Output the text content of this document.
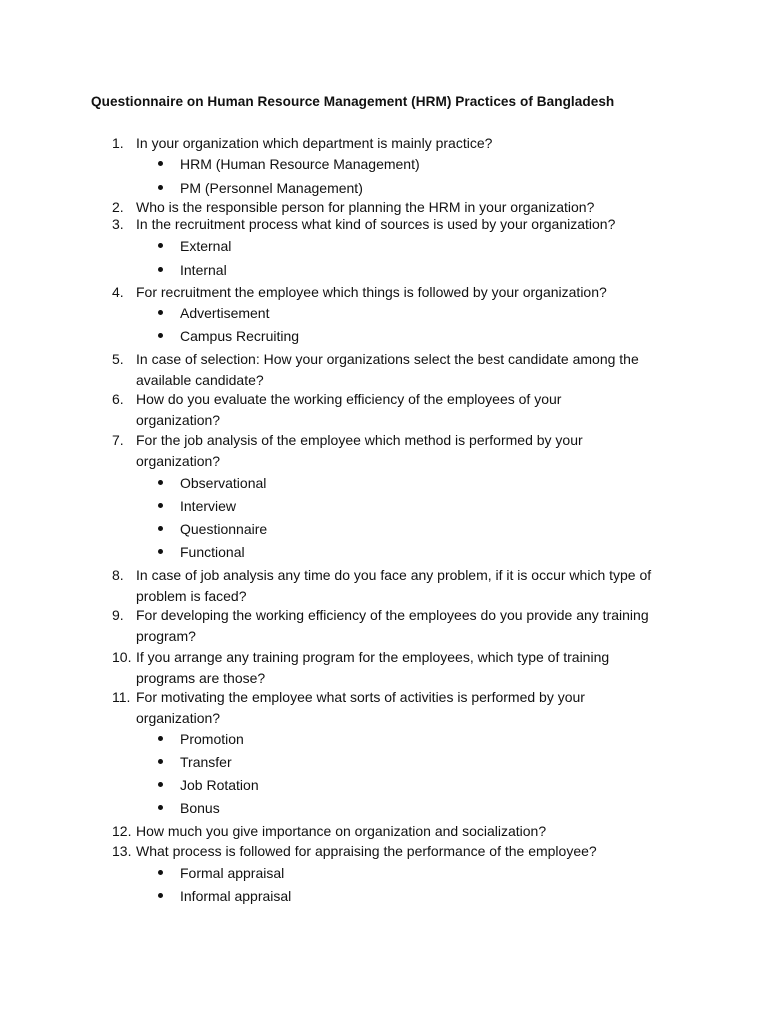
Questionnaire on Human Resource Management (HRM) Practices of Bangladesh
1. In your organization which department is mainly practice?
HRM (Human Resource Management)
PM (Personnel Management)
2. Who is the responsible person for planning the HRM in your organization?
3. In the recruitment process what kind of sources is used by your organization?
External
Internal
4. For recruitment the employee which things is followed by your organization?
Advertisement
Campus Recruiting
5. In case of selection: How your organizations select the best candidate among the available candidate?
6. How do you evaluate the working efficiency of the employees of your organization?
7. For the job analysis of the employee which method is performed by your organization?
Observational
Interview
Questionnaire
Functional
8. In case of job analysis any time do you face any problem, if it is occur which type of problem is faced?
9. For developing the working efficiency of the employees do you provide any training program?
10. If you arrange any training program for the employees, which type of training programs are those?
11. For motivating the employee what sorts of activities is performed by your organization?
Promotion
Transfer
Job Rotation
Bonus
12. How much you give importance on organization and socialization?
13. What process is followed for appraising the performance of the employee?
Formal appraisal
Informal appraisal
